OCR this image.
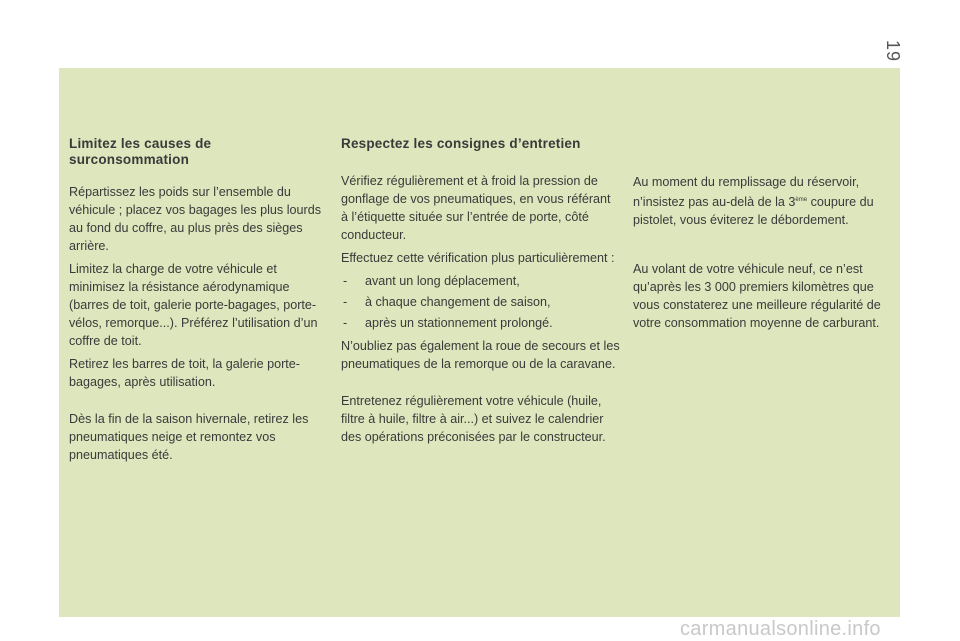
19

Limitez les causes de surconsommation

Répartissez les poids sur l’ensemble du véhicule ; placez vos bagages les plus lourds au fond du coffre, au plus près des sièges arrière.

Limitez la charge de votre véhicule et minimisez la résistance aérodynamique (barres de toit, galerie porte-bagages, porte-vélos, remorque...). Préférez l’utilisation d’un coffre de toit.

Retirez les barres de toit, la galerie porte-bagages, après utilisation.

Dès la fin de la saison hivernale, retirez les pneumatiques neige et remontez vos pneumatiques été.

Respectez les consignes d’entretien

Vérifiez régulièrement et à froid la pression de gonflage de vos pneumatiques, en vous référant à l’étiquette située sur l’entrée de porte, côté conducteur.

Effectuez cette vérification plus particulièrement :

-	avant un long déplacement,
-	à chaque changement de saison,
-	après un stationnement prolongé.

N’oubliez pas également la roue de secours et les pneumatiques de la remorque ou de la caravane.

Entretenez régulièrement votre véhicule (huile, filtre à huile, filtre à air...) et suivez le calendrier des opérations préconisées par le constructeur.

Au moment du remplissage du réservoir, n’insistez pas au-delà de la 3ème coupure du pistolet, vous éviterez le débordement.

Au volant de votre véhicule neuf, ce n’est qu’après les 3 000 premiers kilomètres que vous constaterez une meilleure régularité de votre consommation moyenne de carburant.

carmanualsonline.info
